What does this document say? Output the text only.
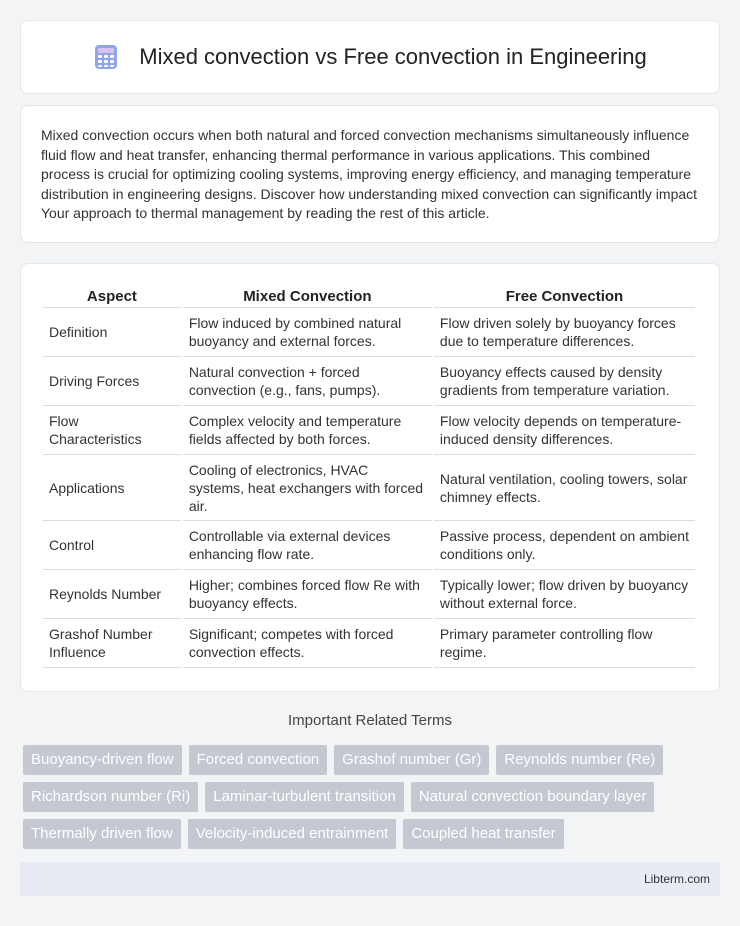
Mixed convection vs Free convection in Engineering

Mixed convection occurs when both natural and forced convection mechanisms simultaneously influence fluid flow and heat transfer, enhancing thermal performance in various applications. This combined process is crucial for optimizing cooling systems, improving energy efficiency, and managing temperature distribution in engineering designs. Discover how understanding mixed convection can significantly impact Your approach to thermal management by reading the rest of this article.

Aspect	Mixed Convection	Free Convection
Definition	Flow induced by combined natural buoyancy and external forces.	Flow driven solely by buoyancy forces due to temperature differences.
Driving Forces	Natural convection + forced convection (e.g., fans, pumps).	Buoyancy effects caused by density gradients from temperature variation.
Flow Characteristics	Complex velocity and temperature fields affected by both forces.	Flow velocity depends on temperature-induced density differences.
Applications	Cooling of electronics, HVAC systems, heat exchangers with forced air.	Natural ventilation, cooling towers, solar chimney effects.
Control	Controllable via external devices enhancing flow rate.	Passive process, dependent on ambient conditions only.
Reynolds Number	Higher; combines forced flow Re with buoyancy effects.	Typically lower; flow driven by buoyancy without external force.
Grashof Number Influence	Significant; competes with forced convection effects.	Primary parameter controlling flow regime.
Important Related Terms
Buoyancy-driven flow	Forced convection	Grashof number (Gr)	Reynolds number (Re)
Richardson number (Ri)	Laminar-turbulent transition	Natural convection boundary layer
Thermally driven flow	Velocity-induced entrainment	Coupled heat transfer
Libterm.com
